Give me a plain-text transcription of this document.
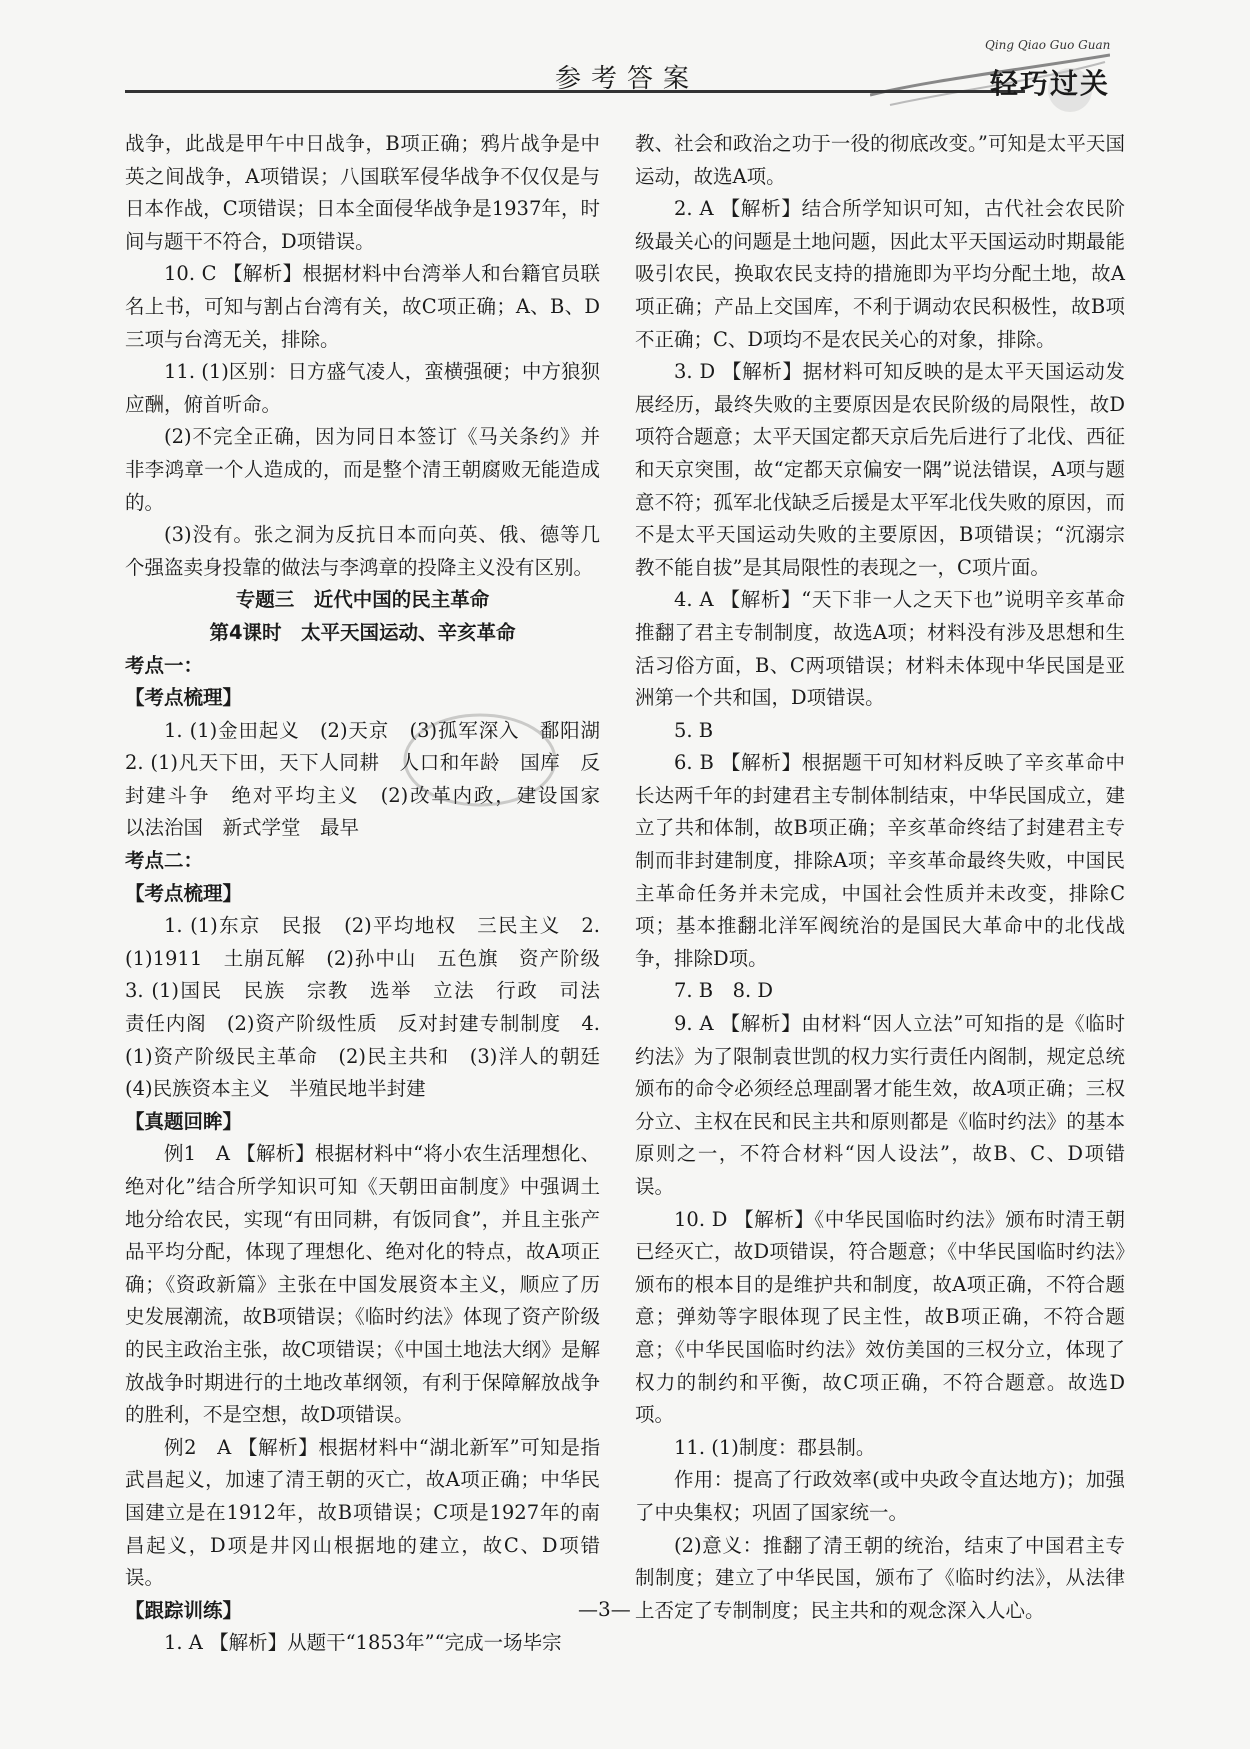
参考答案
Qing Qiao Guo Guan
轻巧过关

战争，此战是甲午中日战争，B项正确；鸦片战争是中英之间战争，A项错误；八国联军侵华战争不仅仅是与日本作战，C项错误；日本全面侵华战争是1937年，时间与题干不符合，D项错误。

10. C 【解析】根据材料中台湾举人和台籍官员联名上书，可知与割占台湾有关，故C项正确；A、B、D三项与台湾无关，排除。

11. (1)区别：日方盛气凌人，蛮横强硬；中方狼狈应酬，俯首听命。

(2)不完全正确，因为同日本签订《马关条约》并非李鸿章一个人造成的，而是整个清王朝腐败无能造成的。

(3)没有。张之洞为反抗日本而向英、俄、德等几个强盗卖身投靠的做法与李鸿章的投降主义没有区别。

专题三　近代中国的民主革命

第4课时　太平天国运动、辛亥革命

考点一：

【考点梳理】

1. (1)金田起义　(2)天京　(3)孤军深入　鄱阳湖　2. (1)凡天下田，天下人同耕　人口和年龄　国库　反封建斗争　绝对平均主义　(2)改革内政，建设国家　以法治国　新式学堂　最早

考点二：

【考点梳理】

1. (1)东京　民报　(2)平均地权　三民主义　2. (1)1911　土崩瓦解　(2)孙中山　五色旗　资产阶级　3. (1)国民　民族　宗教　选举　立法　行政　司法　责任内阁　(2)资产阶级性质　反对封建专制制度　4. (1)资产阶级民主革命　(2)民主共和　(3)洋人的朝廷　(4)民族资本主义　半殖民地半封建

【真题回眸】

例1　A 【解析】根据材料中“将小农生活理想化、绝对化”结合所学知识可知《天朝田亩制度》中强调土地分给农民，实现“有田同耕，有饭同食”，并且主张产品平均分配，体现了理想化、绝对化的特点，故A项正确；《资政新篇》主张在中国发展资本主义，顺应了历史发展潮流，故B项错误；《临时约法》体现了资产阶级的民主政治主张，故C项错误；《中国土地法大纲》是解放战争时期进行的土地改革纲领，有利于保障解放战争的胜利，不是空想，故D项错误。

例2　A 【解析】根据材料中“湖北新军”可知是指武昌起义，加速了清王朝的灭亡，故A项正确；中华民国建立是在1912年，故B项错误；C项是1927年的南昌起义，D项是井冈山根据地的建立，故C、D项错误。

【跟踪训练】

1. A 【解析】从题干“1853年”“完成一场毕宗

教、社会和政治之功于一役的彻底改变。”可知是太平天国运动，故选A项。

2. A 【解析】结合所学知识可知，古代社会农民阶级最关心的问题是土地问题，因此太平天国运动时期最能吸引农民，换取农民支持的措施即为平均分配土地，故A项正确；产品上交国库，不利于调动农民积极性，故B项不正确；C、D项均不是农民关心的对象，排除。

3. D 【解析】据材料可知反映的是太平天国运动发展经历，最终失败的主要原因是农民阶级的局限性，故D项符合题意；太平天国定都天京后先后进行了北伐、西征和天京突围，故“定都天京偏安一隅”说法错误，A项与题意不符；孤军北伐缺乏后援是太平军北伐失败的原因，而不是太平天国运动失败的主要原因，B项错误；“沉溺宗教不能自拔”是其局限性的表现之一，C项片面。

4. A 【解析】“天下非一人之天下也”说明辛亥革命推翻了君主专制制度，故选A项；材料没有涉及思想和生活习俗方面，B、C两项错误；材料未体现中华民国是亚洲第一个共和国，D项错误。

5. B

6. B 【解析】根据题干可知材料反映了辛亥革命中长达两千年的封建君主专制体制结束，中华民国成立，建立了共和体制，故B项正确；辛亥革命终结了封建君主专制而非封建制度，排除A项；辛亥革命最终失败，中国民主革命任务并未完成，中国社会性质并未改变，排除C项；基本推翻北洋军阀统治的是国民大革命中的北伐战争，排除D项。

7. B　8. D

9. A 【解析】由材料“因人立法”可知指的是《临时约法》为了限制袁世凯的权力实行责任内阁制，规定总统颁布的命令必须经总理副署才能生效，故A项正确；三权分立、主权在民和民主共和原则都是《临时约法》的基本原则之一，不符合材料“因人设法”，故B、C、D项错误。

10. D 【解析】《中华民国临时约法》颁布时清王朝已经灭亡，故D项错误，符合题意；《中华民国临时约法》颁布的根本目的是维护共和制度，故A项正确，不符合题意；弹劾等字眼体现了民主性，故B项正确，不符合题意；《中华民国临时约法》效仿美国的三权分立，体现了权力的制约和平衡，故C项正确，不符合题意。故选D项。

11. (1)制度：郡县制。

作用：提高了行政效率(或中央政令直达地方)；加强了中央集权；巩固了国家统一。

(2)意义：推翻了清王朝的统治，结束了中国君主专制制度；建立了中华民国，颁布了《临时约法》，从法律上否定了专制制度；民主共和的观念深入人心。

—3—
